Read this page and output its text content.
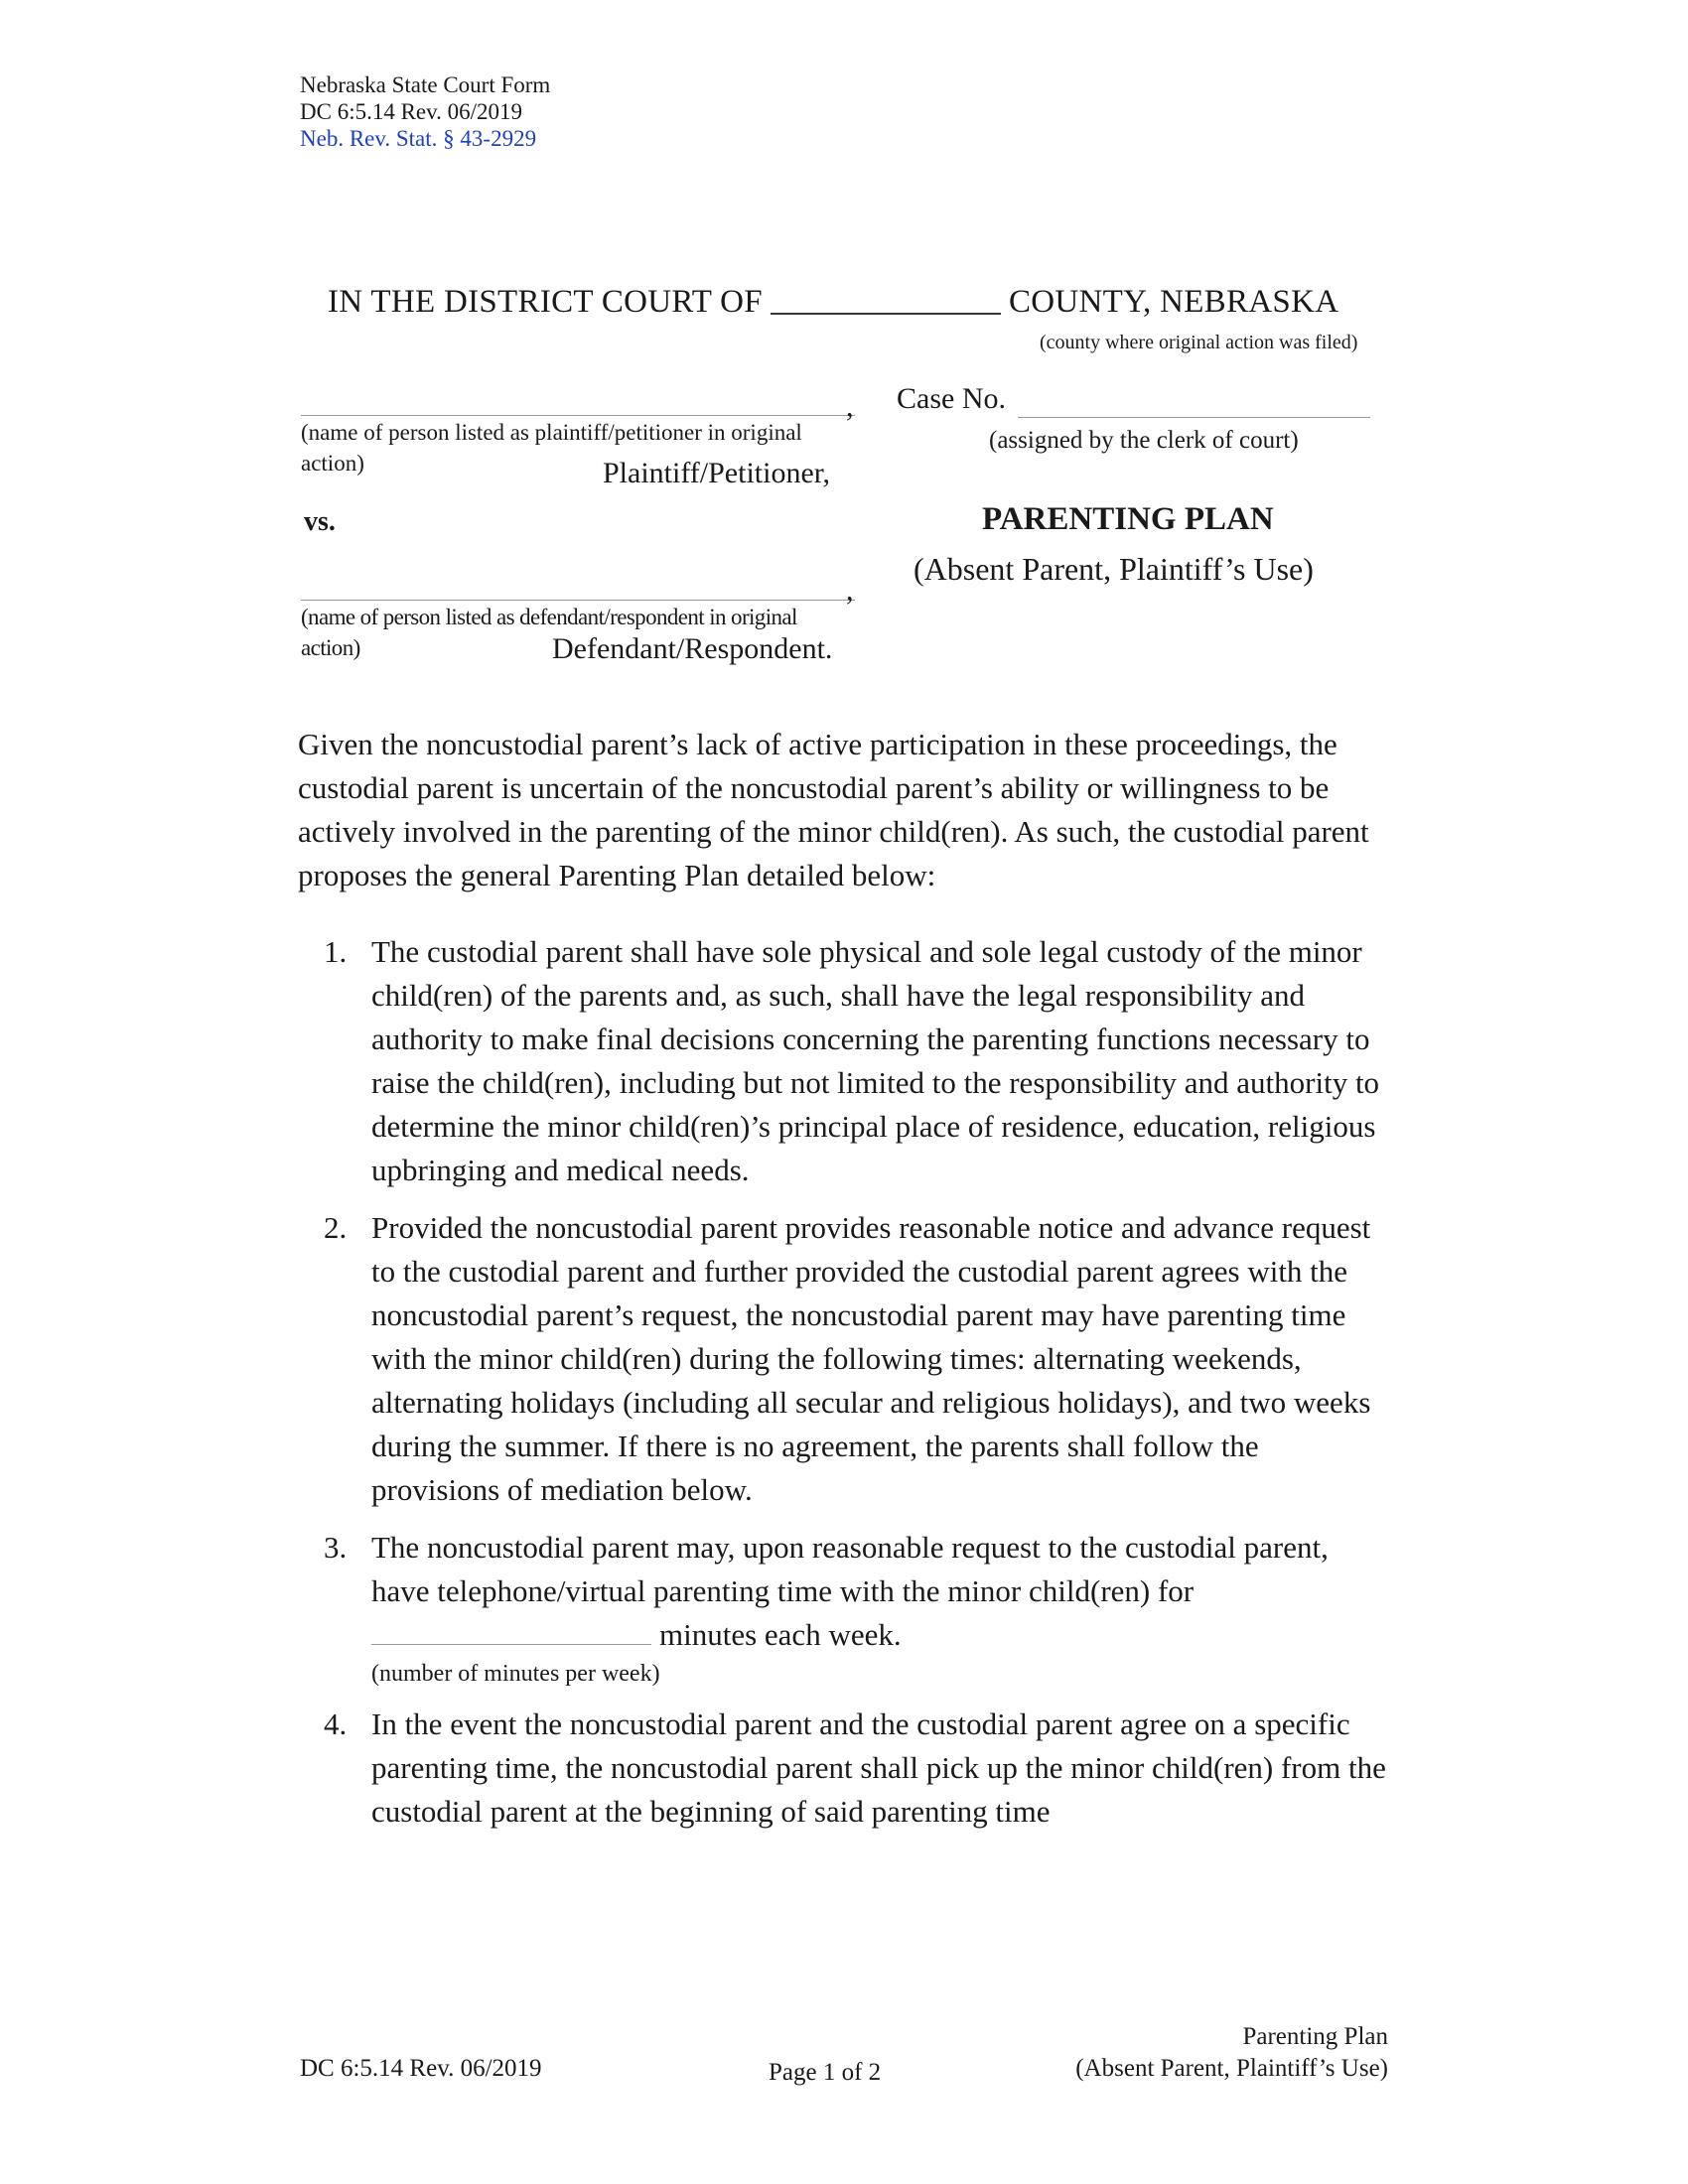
Nebraska State Court Form
DC 6:5.14 Rev. 06/2019
Neb. Rev. Stat. § 43-2929
IN THE DISTRICT COURT OF	COUNTY, NEBRASKA
(county where original action was filed)
,
(name of person listed as plaintiff/petitioner in original action)	Plaintiff/Petitioner,
Case No.
(assigned by the clerk of court)
vs.	PARENTING PLAN
(Absent Parent, Plaintiff’s Use)
,
(name of person listed as defendant/respondent in original action)	Defendant/Respondent.
Given the noncustodial parent’s lack of active participation in these proceedings, the custodial parent is uncertain of the noncustodial parent’s ability or willingness to be actively involved in the parenting of the minor child(ren). As such, the custodial parent proposes the general Parenting Plan detailed below:
1. The custodial parent shall have sole physical and sole legal custody of the minor child(ren) of the parents and, as such, shall have the legal responsibility and authority to make final decisions concerning the parenting functions necessary to raise the child(ren), including but not limited to the responsibility and authority to determine the minor child(ren)’s principal place of residence, education, religious upbringing and medical needs.
2. Provided the noncustodial parent provides reasonable notice and advance request to the custodial parent and further provided the custodial parent agrees with the noncustodial parent’s request, the noncustodial parent may have parenting time with the minor child(ren) during the following times: alternating weekends, alternating holidays (including all secular and religious holidays), and two weeks during the summer. If there is no agreement, the parents shall follow the provisions of mediation below.
3. The noncustodial parent may, upon reasonable request to the custodial parent, have telephone/virtual parenting time with the minor child(ren) for
minutes each week.
(number of minutes per week)
4. In the event the noncustodial parent and the custodial parent agree on a specific parenting time, the noncustodial parent shall pick up the minor child(ren) from the custodial parent at the beginning of said parenting time
DC 6:5.14 Rev. 06/2019	Page 1 of 2
Parenting Plan
(Absent Parent, Plaintiff’s Use)
